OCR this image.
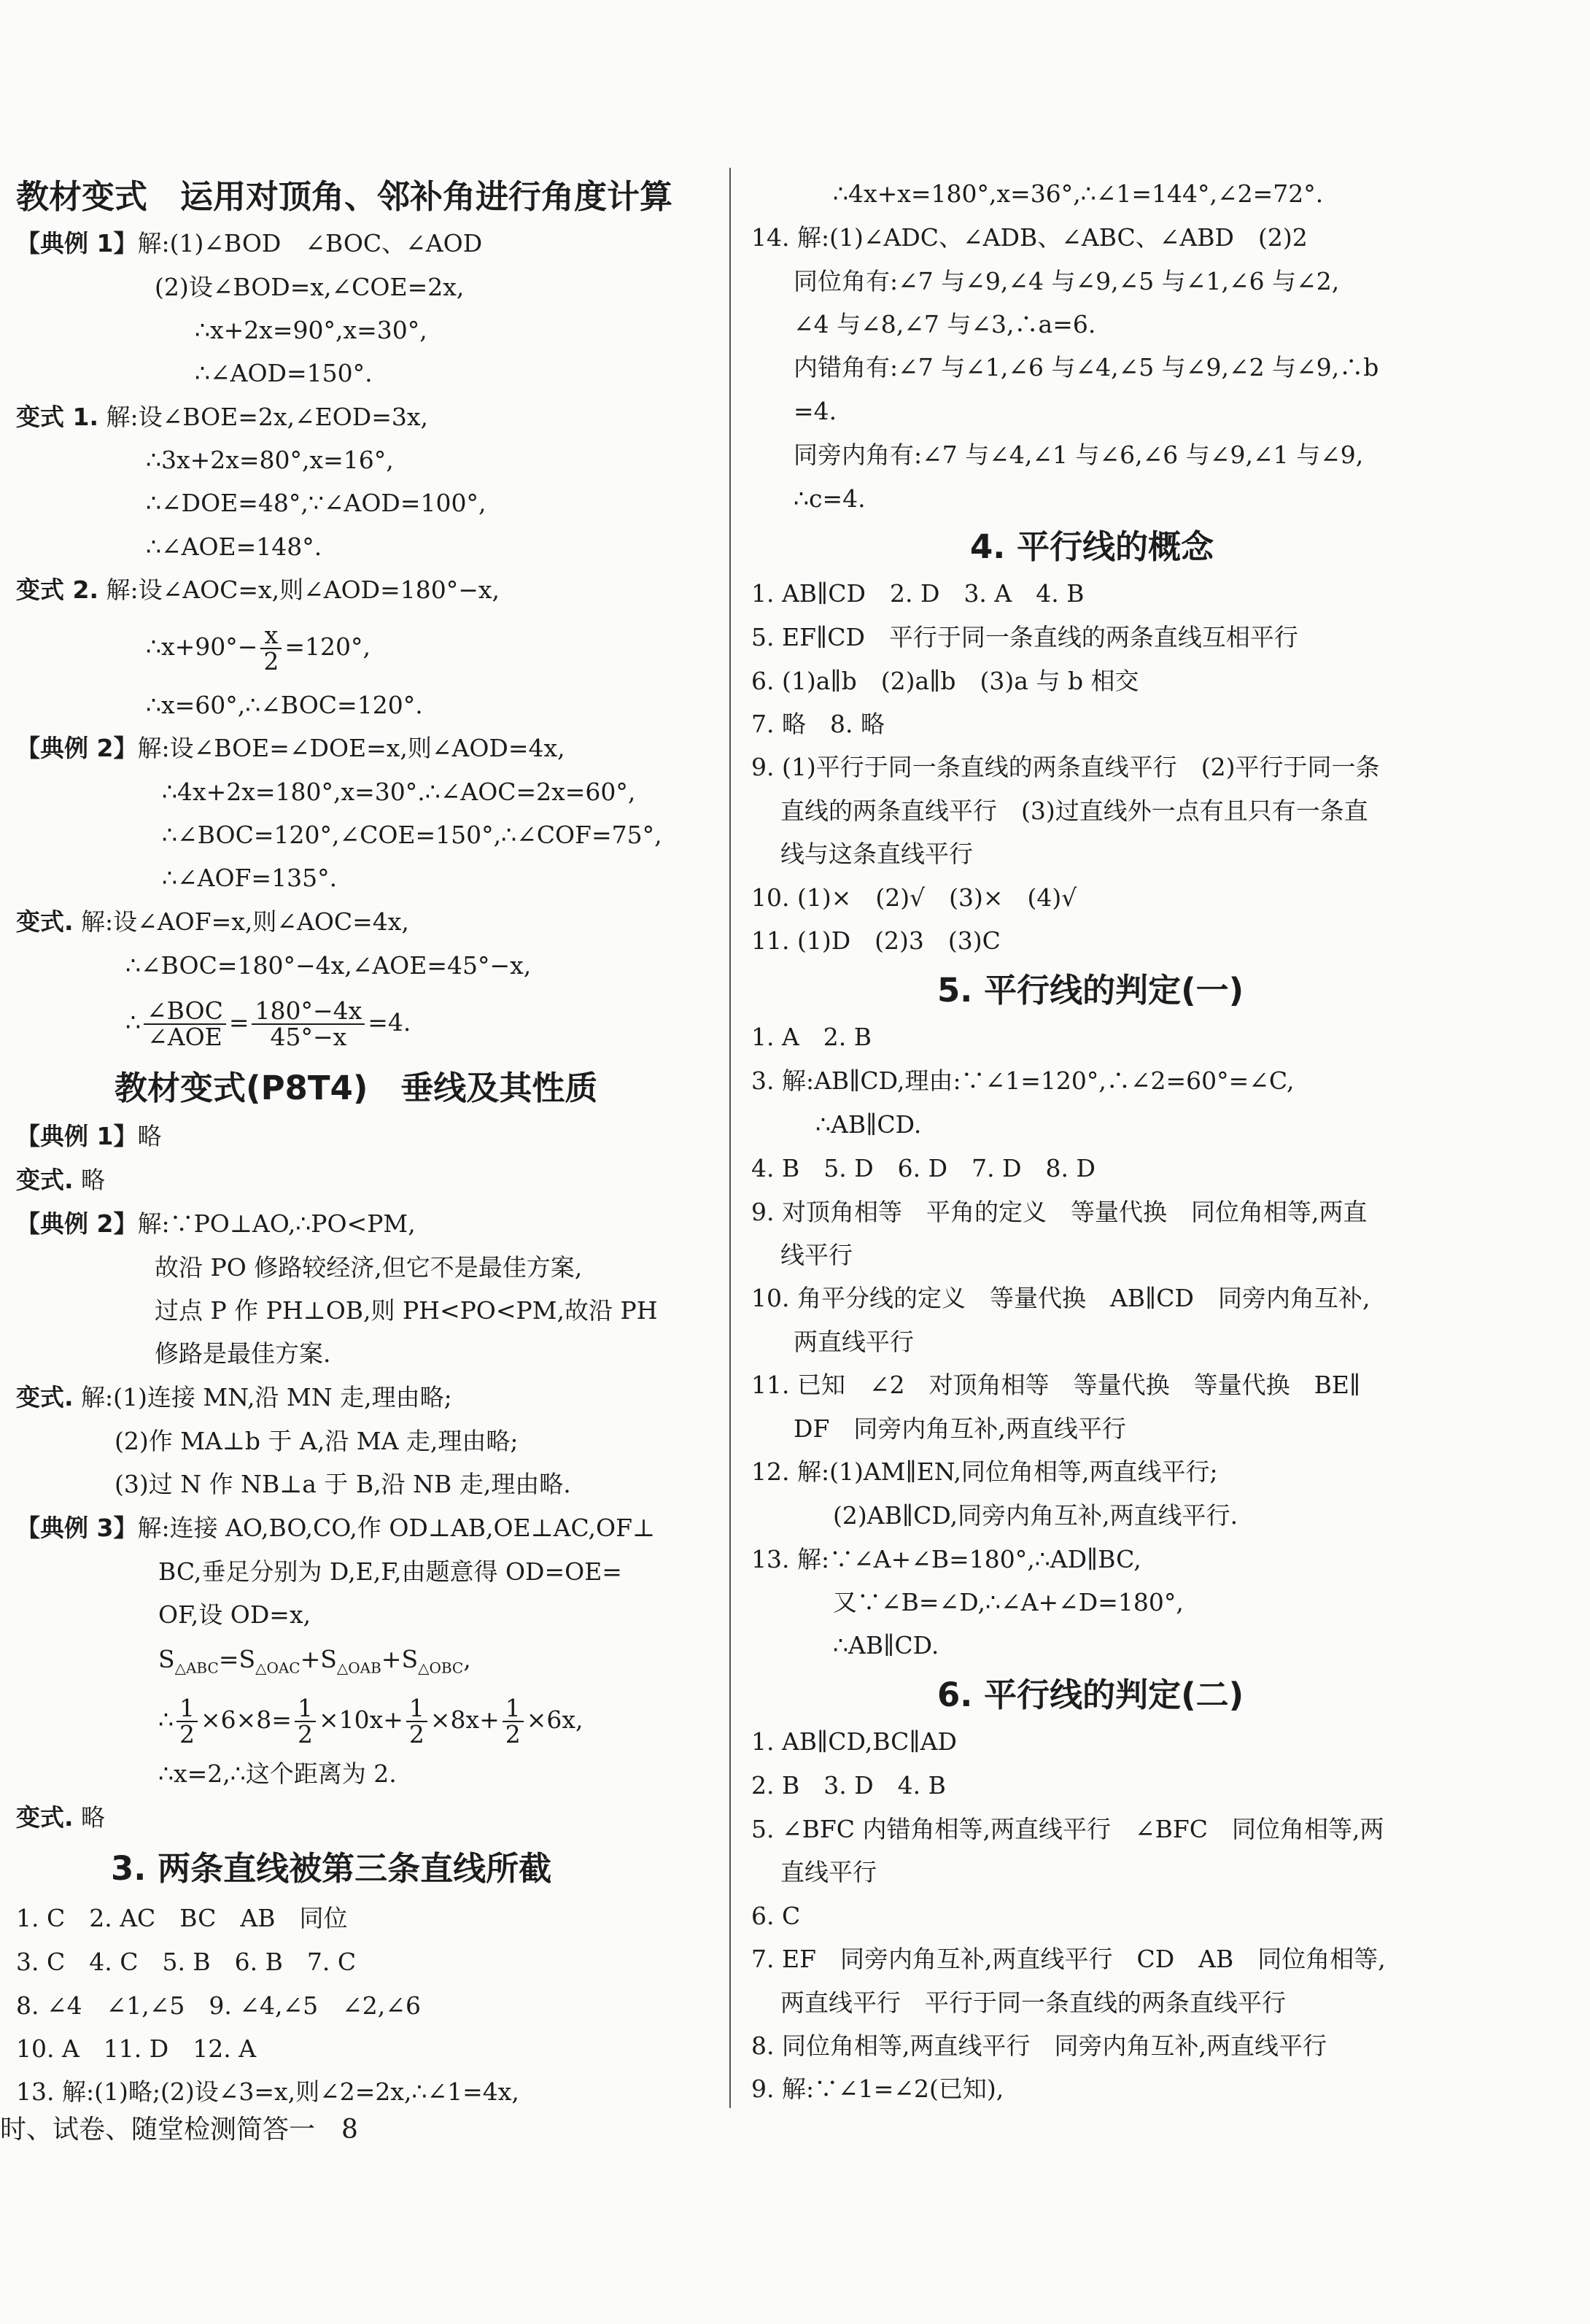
教材变式　运用对顶角、邻补角进行角度计算
【典例 1】解:(1)∠BOD　∠BOC、∠AOD
(2)设∠BOD=x,∠COE=2x,
∴x+2x=90°,x=30°,
∴∠AOD=150°.
变式 1. 解:设∠BOE=2x,∠EOD=3x,
∴3x+2x=80°,x=16°,
∴∠DOE=48°,∵∠AOD=100°,
∴∠AOE=148°.
变式 2. 解:设∠AOC=x,则∠AOD=180°−x,
∴x+90°− $\frac{x}{2} =120^\circ$,
∴x=60°,∴∠BOC=120°.
【典例 2】解:设∠BOE=∠DOE=x,则∠AOD=4x,
∴4x+2x=180°,x=30°.∴∠AOC=2x=60°,
∴∠BOC=120°,∠COE=150°,∴∠COF=75°,
∴∠AOF=135°.
变式. 解:设∠AOF=x,则∠AOC=4x,
∴∠BOC=180°−4x,∠AOE=45°−x,
∴ $\frac{\text{∠BOC}}{\text{∠AOE}} = \frac{180^\circ-4x}{45^\circ-x} =4$.
教材变式(P8T4)　垂线及其性质
【典例 1】略
变式. 略
【典例 2】解:∵PO⊥AO,∴PO<PM,
故沿 PO 修路较经济,但它不是最佳方案,
过点 P 作 PH⊥OB,则 PH<PO<PM,故沿 PH
修路是最佳方案.
变式. 解:(1)连接 MN,沿 MN 走,理由略;
(2)作 MA⊥b 于 A,沿 MA 走,理由略;
(3)过 N 作 NB⊥a 于 B,沿 NB 走,理由略.
【典例 3】解:连接 AO,BO,CO,作 OD⊥AB,OE⊥AC,OF⊥
BC,垂足分别为 D,E,F,由题意得 OD=OE=
OF,设 OD=x,
$S_{\triangle ABC}=S_{\triangle OAC}+S_{\triangle OAB}+S_{\triangle OBC}$,
∴ $\frac{1}{2} \times 6\times 8= \frac{1}{2} \times 10x+ \frac{1}{2} \times 8x+ \frac{1}{2} \times 6x$,
∴x=2,∴这个距离为 2.
变式. 略
3. 两条直线被第三条直线所截
1. C　2. AC　BC　AB　同位
3. C　4. C　5. B　6. B　7. C
8. ∠4　∠1,∠5　9. ∠4,∠5　∠2,∠6
10. A　11. D　12. A
13. 解:(1)略;(2)设∠3=x,则∠2=2x,∴∠1=4x,
∴4x+x=180°,x=36°,∴∠1=144°,∠2=72°.
14. 解:(1)∠ADC、∠ADB、∠ABC、∠ABD　(2)2
同位角有:∠7 与∠9,∠4 与∠9,∠5 与∠1,∠6 与∠2,
∠4 与∠8,∠7 与∠3,∴a=6.
内错角有:∠7 与∠1,∠6 与∠4,∠5 与∠9,∠2 与∠9,∴b
=4.
同旁内角有:∠7 与∠4,∠1 与∠6,∠6 与∠9,∠1 与∠9,
∴c=4.
4. 平行线的概念
1. AB∥CD　2. D　3. A　4. B
5. EF∥CD　平行于同一条直线的两条直线互相平行
6. (1)a∥b　(2)a∥b　(3)a 与 b 相交
7. 略　8. 略
9. (1)平行于同一条直线的两条直线平行　(2)平行于同一条
直线的两条直线平行　(3)过直线外一点有且只有一条直
线与这条直线平行
10. (1)×　(2)√　(3)×　(4)√
11. (1)D　(2)3　(3)C
5. 平行线的判定(一)
1. A　2. B
3. 解:AB∥CD,理由:∵∠1=120°,∴∠2=60°=∠C,
∴AB∥CD.
4. B　5. D　6. D　7. D　8. D
9. 对顶角相等　平角的定义　等量代换　同位角相等,两直
线平行
10. 角平分线的定义　等量代换　AB∥CD　同旁内角互补,
两直线平行
11. 已知　∠2　对顶角相等　等量代换　等量代换　BE∥
DF　同旁内角互补,两直线平行
12. 解:(1)AM∥EN,同位角相等,两直线平行;
(2)AB∥CD,同旁内角互补,两直线平行.
13. 解:∵∠A+∠B=180°,∴AD∥BC,
又∵∠B=∠D,∴∠A+∠D=180°,
∴AB∥CD.
6. 平行线的判定(二)
1. AB∥CD,BC∥AD
2. B　3. D　4. B
5. ∠BFC 内错角相等,两直线平行　∠BFC　同位角相等,两
直线平行
6. C
7. EF　同旁内角互补,两直线平行　CD　AB　同位角相等,
两直线平行　平行于同一条直线的两条直线平行
8. 同位角相等,两直线平行　同旁内角互补,两直线平行
9. 解:∵∠1=∠2(已知),
时、试卷、随堂检测简答一　8
